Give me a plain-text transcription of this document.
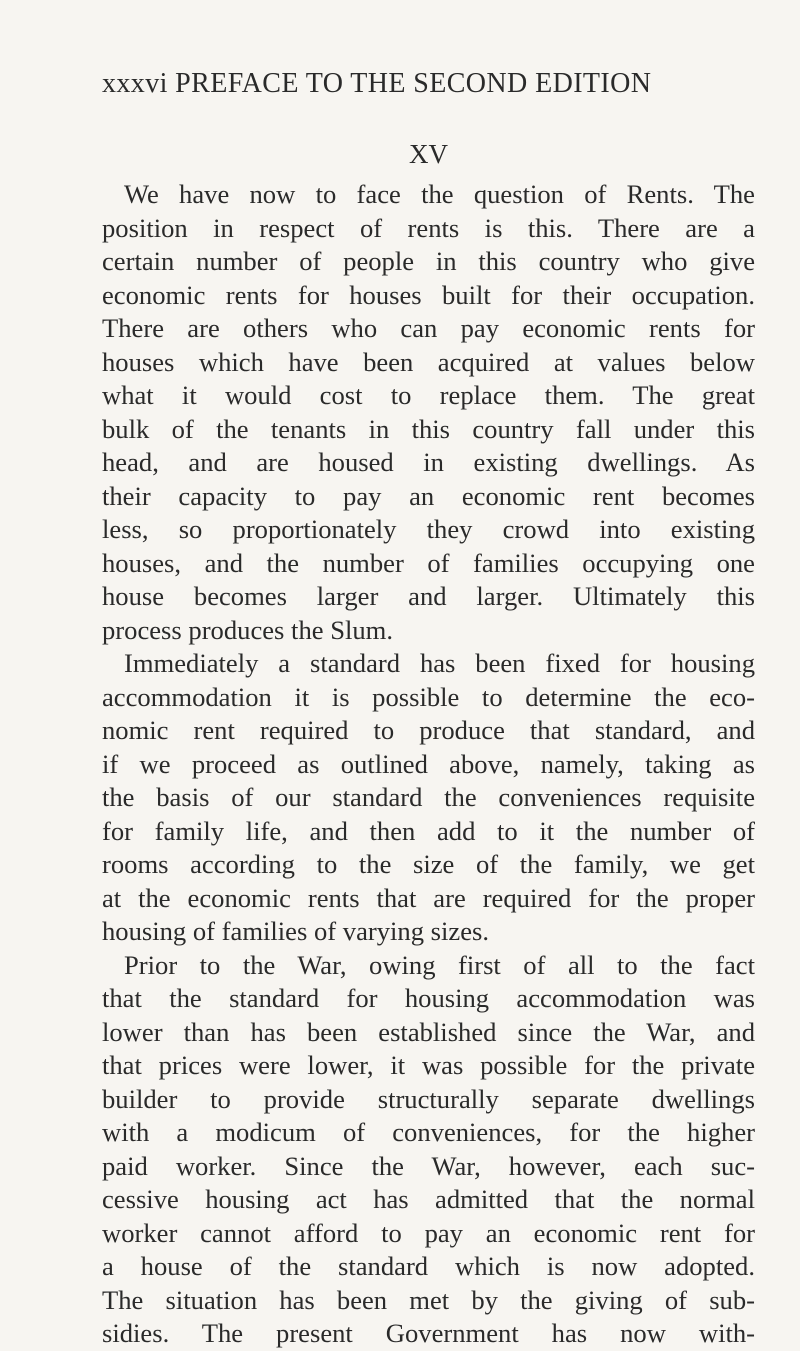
xxxvi PREFACE TO THE SECOND EDITION
XV
We have now to face the question of Rents. The
position in respect of rents is this. There are a
certain number of people in this country who give
economic rents for houses built for their occupation.
There are others who can pay economic rents for
houses which have been acquired at values below
what it would cost to replace them. The great
bulk of the tenants in this country fall under this
head, and are housed in existing dwellings. As
their capacity to pay an economic rent becomes
less, so proportionately they crowd into existing
houses, and the number of families occupying one
house becomes larger and larger. Ultimately this
process produces the Slum.
Immediately a standard has been fixed for housing
accommodation it is possible to determine the eco-
nomic rent required to produce that standard, and
if we proceed as outlined above, namely, taking as
the basis of our standard the conveniences requisite
for family life, and then add to it the number of
rooms according to the size of the family, we get
at the economic rents that are required for the proper
housing of families of varying sizes.
Prior to the War, owing first of all to the fact
that the standard for housing accommodation was
lower than has been established since the War, and
that prices were lower, it was possible for the private
builder to provide structurally separate dwellings
with a modicum of conveniences, for the higher
paid worker. Since the War, however, each suc-
cessive housing act has admitted that the normal
worker cannot afford to pay an economic rent for
a house of the standard which is now adopted.
The situation has been met by the giving of sub-
sidies. The present Government has now with-
